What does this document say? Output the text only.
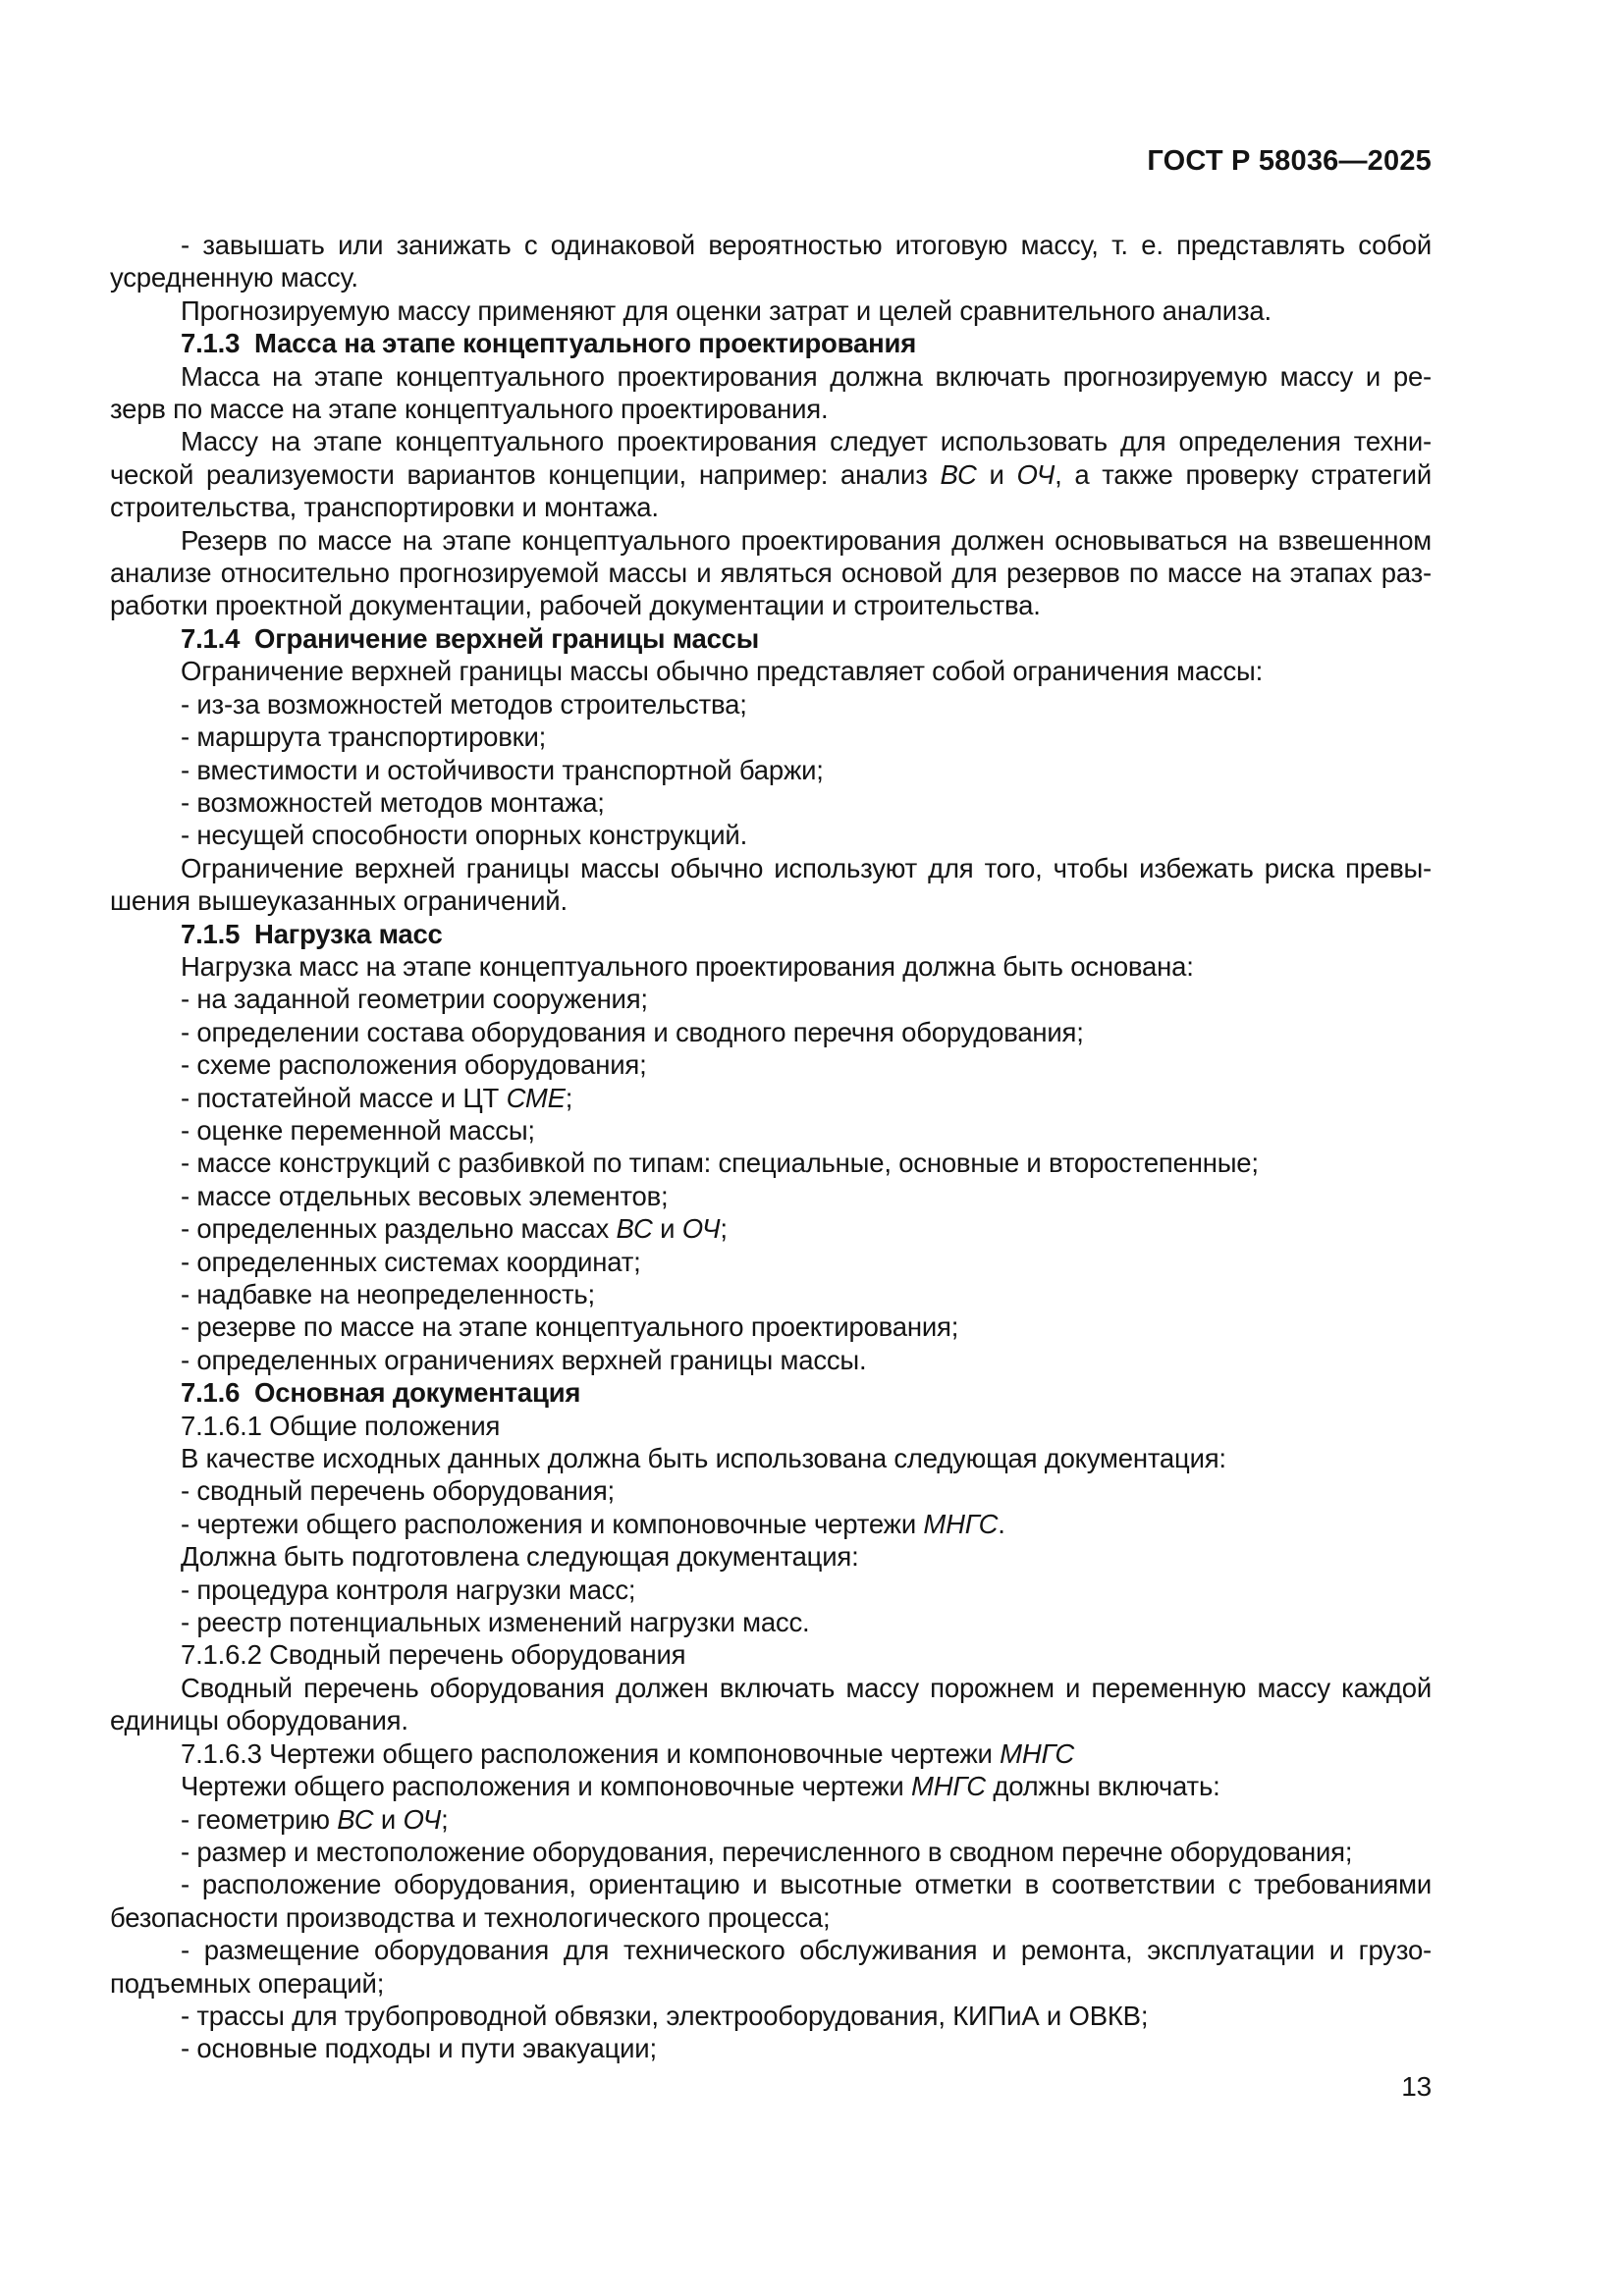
ГОСТ Р 58036—2025
- завышать или занижать с одинаковой вероятностью итоговую массу, т. е. представлять собой
усредненную массу.
Прогнозируемую массу применяют для оценки затрат и целей сравнительного анализа.
7.1.3  Масса на этапе концептуального проектирования
Масса на этапе концептуального проектирования должна включать прогнозируемую массу и ре-
зерв по массе на этапе концептуального проектирования.
Массу на этапе концептуального проектирования следует использовать для определения техни-
ческой реализуемости вариантов концепции, например: анализ ВС и ОЧ, а также проверку стратегий
строительства, транспортировки и монтажа.
Резерв по массе на этапе концептуального проектирования должен основываться на взвешенном
анализе относительно прогнозируемой массы и являться основой для резервов по массе на этапах раз-
работки проектной документации, рабочей документации и строительства.
7.1.4  Ограничение верхней границы массы
Ограничение верхней границы массы обычно представляет собой ограничения массы:
- из-за возможностей методов строительства;
- маршрута транспортировки;
- вместимости и остойчивости транспортной баржи;
- возможностей методов монтажа;
- несущей способности опорных конструкций.
Ограничение верхней границы массы обычно используют для того, чтобы избежать риска превы-
шения вышеуказанных ограничений.
7.1.5  Нагрузка масс
Нагрузка масс на этапе концептуального проектирования должна быть основана:
- на заданной геометрии сооружения;
- определении состава оборудования и сводного перечня оборудования;
- схеме расположения оборудования;
- постатейной массе и ЦТ СМЕ;
- оценке переменной массы;
- массе конструкций с разбивкой по типам: специальные, основные и второстепенные;
- массе отдельных весовых элементов;
- определенных раздельно массах ВС и ОЧ;
- определенных системах координат;
- надбавке на неопределенность;
- резерве по массе на этапе концептуального проектирования;
- определенных ограничениях верхней границы массы.
7.1.6  Основная документация
7.1.6.1 Общие положения
В качестве исходных данных должна быть использована следующая документация:
- сводный перечень оборудования;
- чертежи общего расположения и компоновочные чертежи МНГС.
Должна быть подготовлена следующая документация:
- процедура контроля нагрузки масс;
- реестр потенциальных изменений нагрузки масс.
7.1.6.2 Сводный перечень оборудования
Сводный перечень оборудования должен включать массу порожнем и переменную массу каждой
единицы оборудования.
7.1.6.3 Чертежи общего расположения и компоновочные чертежи МНГС
Чертежи общего расположения и компоновочные чертежи МНГС должны включать:
- геометрию ВС и ОЧ;
- размер и местоположение оборудования, перечисленного в сводном перечне оборудования;
- расположение оборудования, ориентацию и высотные отметки в соответствии с требованиями
безопасности производства и технологического процесса;
- размещение оборудования для технического обслуживания и ремонта, эксплуатации и грузо-
подъемных операций;
- трассы для трубопроводной обвязки, электрооборудования, КИПиА и ОВКВ;
- основные подходы и пути эвакуации;
13
